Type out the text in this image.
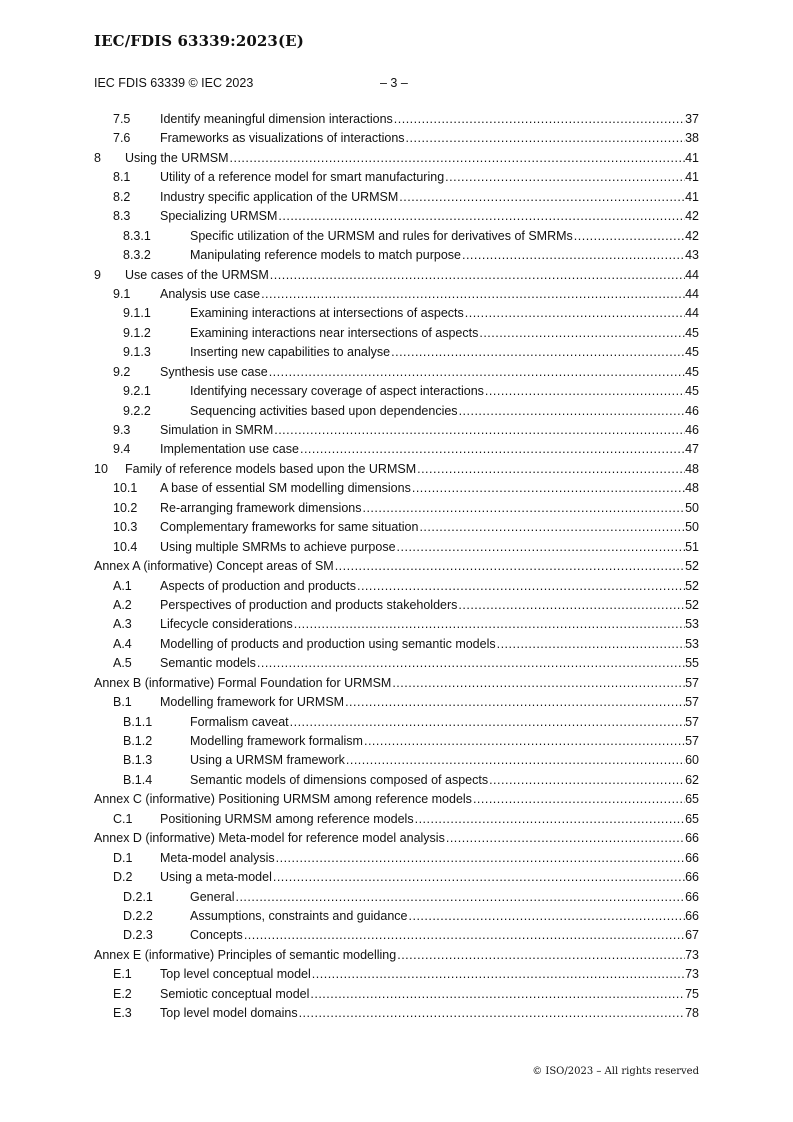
IEC/FDIS 63339:2023(E)
IEC FDIS 63339 © IEC 2023	– 3 –
7.5	Identify meaningful dimension interactions .....	37
7.6	Frameworks as visualizations of interactions .....	38
8	Using the URMSM .....	41
8.1	Utility of a reference model for smart manufacturing .....	41
8.2	Industry specific application of the URMSM .....	41
8.3	Specializing URMSM .....	42
8.3.1	Specific utilization of the URMSM and rules for derivatives of SMRMs .....	42
8.3.2	Manipulating reference models to match purpose .....	43
9	Use cases of the URMSM .....	44
9.1	Analysis use case .....	44
9.1.1	Examining interactions at intersections of aspects .....	44
9.1.2	Examining interactions near intersections of aspects .....	45
9.1.3	Inserting new capabilities to analyse .....	45
9.2	Synthesis use case .....	45
9.2.1	Identifying necessary coverage of aspect interactions .....	45
9.2.2	Sequencing activities based upon dependencies .....	46
9.3	Simulation in SMRM .....	46
9.4	Implementation use case .....	47
10	Family of reference models based upon the URMSM .....	48
10.1	A base of essential SM modelling dimensions .....	48
10.2	Re-arranging framework dimensions .....	50
10.3	Complementary frameworks for same situation .....	50
10.4	Using multiple SMRMs to achieve purpose .....	51
Annex A (informative) Concept areas of SM .....	52
A.1	Aspects of production and products .....	52
A.2	Perspectives of production and products stakeholders .....	52
A.3	Lifecycle considerations .....	53
A.4	Modelling of products and production using semantic models .....	53
A.5	Semantic models .....	55
Annex B (informative) Formal Foundation for URMSM .....	57
B.1	Modelling framework for URMSM .....	57
B.1.1	Formalism caveat .....	57
B.1.2	Modelling framework formalism .....	57
B.1.3	Using a URMSM framework .....	60
B.1.4	Semantic models of dimensions composed of aspects .....	62
Annex C (informative) Positioning URMSM among reference models .....	65
C.1	Positioning URMSM among reference models .....	65
Annex D (informative) Meta-model for reference model analysis .....	66
D.1	Meta-model analysis .....	66
D.2	Using a meta-model .....	66
D.2.1	General .....	66
D.2.2	Assumptions, constraints and guidance .....	66
D.2.3	Concepts .....	67
Annex E (informative) Principles of semantic modelling .....	73
E.1	Top level conceptual model .....	73
E.2	Semiotic conceptual model .....	75
E.3	Top level model domains .....	78
© ISO/2023 – All rights reserved
